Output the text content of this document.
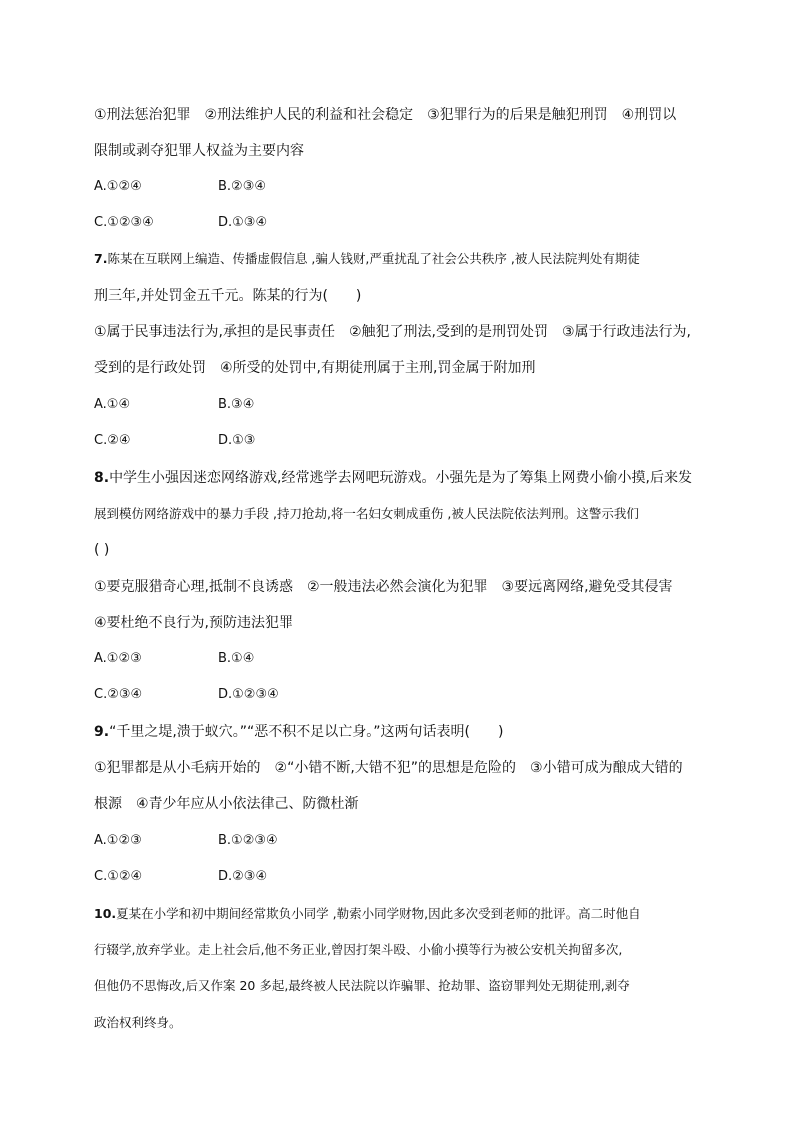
①刑法惩治犯罪　②刑法维护人民的利益和社会稳定　③犯罪行为的后果是触犯刑罚　④刑罚以
限制或剥夺犯罪人权益为主要内容
A.①②④	B.②③④
C.①②③④	D.①③④
7.陈某在互联网上编造、传播虚假信息 ,骗人钱财,严重扰乱了社会公共秩序 ,被人民法院判处有期徒
刑三年,并处罚金五千元。陈某的行为(　　)
①属于民事违法行为,承担的是民事责任　②触犯了刑法,受到的是刑罚处罚　③属于行政违法行为,
受到的是行政处罚　④所受的处罚中,有期徒刑属于主刑,罚金属于附加刑
A.①④	B.③④
C.②④	D.①③
8.中学生小强因迷恋网络游戏,经常逃学去网吧玩游戏。小强先是为了筹集上网费小偷小摸,后来发
展到模仿网络游戏中的暴力手段 ,持刀抢劫,将一名妇女刺成重伤 ,被人民法院依法判刑。这警示我们
( )
①要克服猎奇心理,抵制不良诱惑　②一般违法必然会演化为犯罪　③要远离网络,避免受其侵害
④要杜绝不良行为,预防违法犯罪
A.①②③	B.①④
C.②③④	D.①②③④
9.“千里之堤,溃于蚁穴。”“恶不积不足以亡身。”这两句话表明(　　)
①犯罪都是从小毛病开始的　②“小错不断,大错不犯”的思想是危险的　③小错可成为酿成大错的
根源　④青少年应从小依法律己、防微杜渐
A.①②③	B.①②③④
C.①②④	D.②③④
10.夏某在小学和初中期间经常欺负小同学 ,勒索小同学财物,因此多次受到老师的批评。高二时他自
行辍学,放弃学业。走上社会后,他不务正业,曾因打架斗殴、小偷小摸等行为被公安机关拘留多次,
但他仍不思悔改,后又作案 20 多起,最终被人民法院以诈骗罪、抢劫罪、盗窃罪判处无期徒刑,剥夺
政治权利终身。
